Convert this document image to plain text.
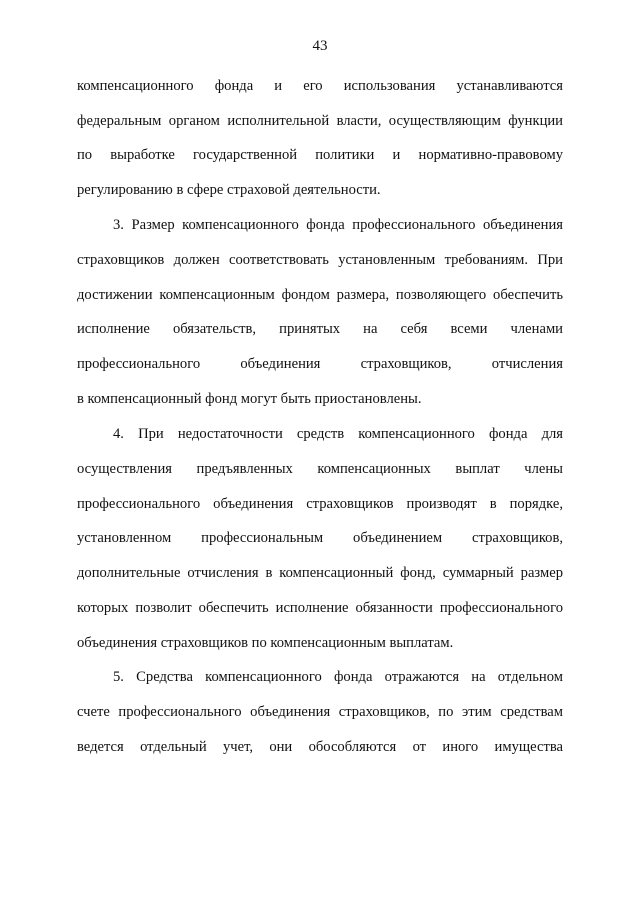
43
компенсационного фонда и его использования устанавливаются
федеральным органом исполнительной власти, осуществляющим функции
по выработке государственной политики и нормативно-правовому
регулированию в сфере страховой деятельности.
3. Размер компенсационного фонда профессионального объединения
страховщиков должен соответствовать установленным требованиям. При
достижении компенсационным фондом размера, позволяющего обеспечить
исполнение обязательств, принятых на себя всеми членами
профессионального объединения страховщиков, отчисления
в компенсационный фонд могут быть приостановлены.
4. При недостаточности средств компенсационного фонда для
осуществления предъявленных компенсационных выплат члены
профессионального объединения страховщиков производят в порядке,
установленном профессиональным объединением страховщиков,
дополнительные отчисления в компенсационный фонд, суммарный размер
которых позволит обеспечить исполнение обязанности профессионального
объединения страховщиков по компенсационным выплатам.
5. Средства компенсационного фонда отражаются на отдельном
счете профессионального объединения страховщиков, по этим средствам
ведется отдельный учет, они обособляются от иного имущества
